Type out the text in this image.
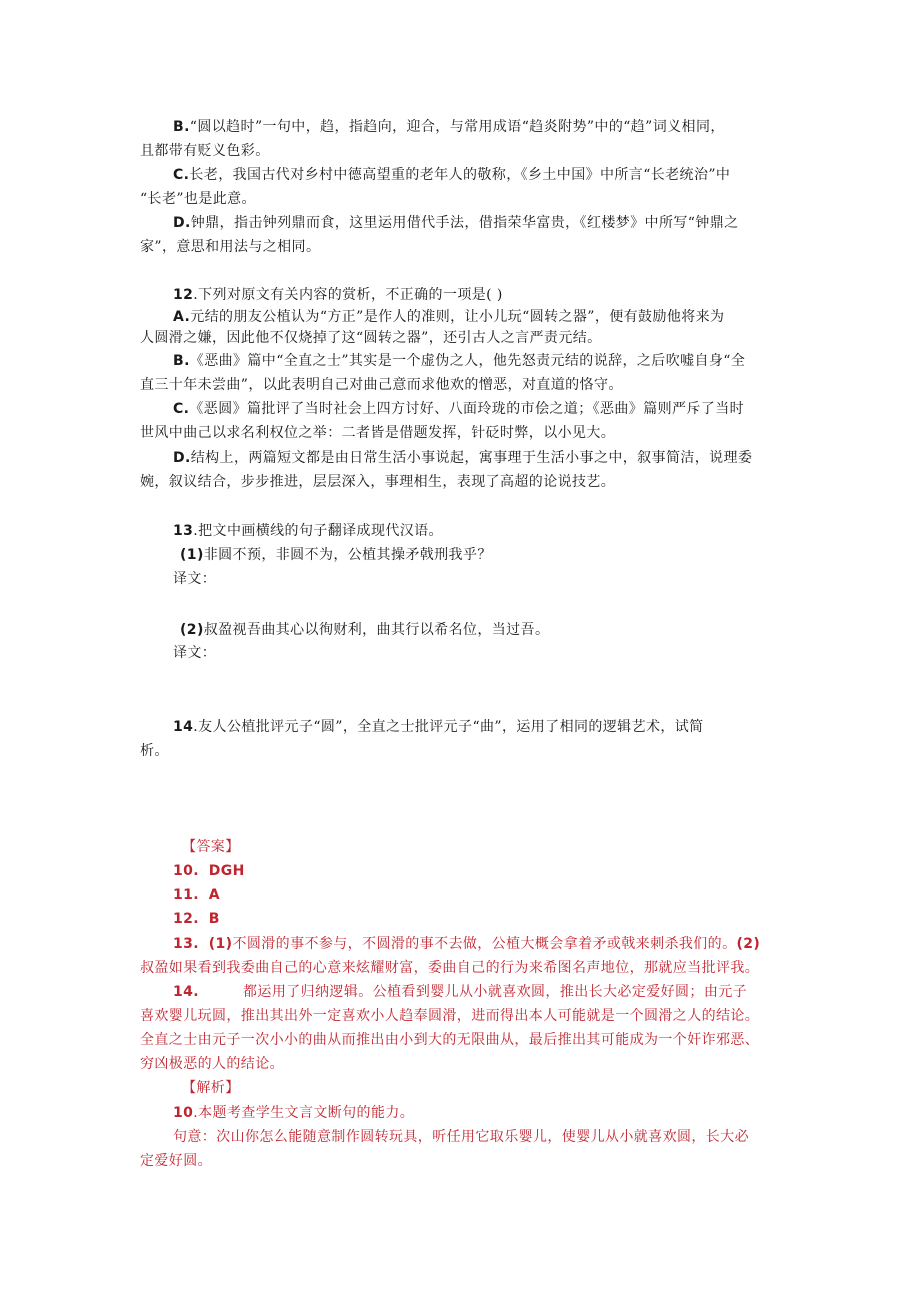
B.“圆以趋时”一句中，趋，指趋向，迎合，与常用成语“趋炎附势”中的“趋”词义相同，
且都带有贬义色彩。
C.长老，我国古代对乡村中德高望重的老年人的敬称，《乡土中国》中所言“长老统治”中
“长老”也是此意。
D.钟鼎，指击钟列鼎而食，这里运用借代手法，借指荣华富贵，《红楼梦》中所写“钟鼎之
家”，意思和用法与之相同。
12.下列对原文有关内容的赏析，不正确的一项是( )
A.元结的朋友公植认为“方正”是作人的准则，让小儿玩“圆转之器”，便有鼓励他将来为
人圆滑之嫌，因此他不仅烧掉了这“圆转之器”，还引古人之言严责元结。
B.《恶曲》篇中“全直之士”其实是一个虚伪之人，他先怒责元结的说辞，之后吹嘘自身“全
直三十年未尝曲”，以此表明自己对曲己意而求他欢的憎恶，对直道的恪守。
C.《恶圆》篇批评了当时社会上四方讨好、八面玲珑的市侩之道；《恶曲》篇则严斥了当时
世风中曲己以求名利权位之举：二者皆是借题发挥，针砭时弊，以小见大。
D.结构上，两篇短文都是由日常生活小事说起，寓事理于生活小事之中，叙事简洁，说理委
婉，叙议结合，步步推进，层层深入，事理相生，表现了高超的论说技艺。
13.把文中画横线的句子翻译成现代汉语。
(1)非圆不预，非圆不为，公植其操矛戟刑我乎？
译文：
(2)叔盈视吾曲其心以徇财利，曲其行以希名位，当过吾。
译文：
14.友人公植批评元子“圆”，全直之士批评元子“曲”，运用了相同的逻辑艺术，试简
析。
【答案】
10. DGH
11. A
12. B
13. (1)不圆滑的事不参与，不圆滑的事不去做，公植大概会拿着矛或戟来刺杀我们的。(2)
叔盈如果看到我委曲自己的心意来炫耀财富，委曲自己的行为来希图名声地位，那就应当批评我。
14.	都运用了归纳逻辑。公植看到婴儿从小就喜欢圆，推出长大必定爱好圆；由元子
喜欢婴儿玩圆，推出其出外一定喜欢小人趋奉圆滑，进而得出本人可能就是一个圆滑之人的结论。
全直之士由元子一次小小的曲从而推出由小到大的无限曲从，最后推出其可能成为一个奸诈邪恶、
穷凶极恶的人的结论。
【解析】
10.本题考查学生文言文断句的能力。
句意：次山你怎么能随意制作圆转玩具，听任用它取乐婴儿，使婴儿从小就喜欢圆，长大必
定爱好圆。
